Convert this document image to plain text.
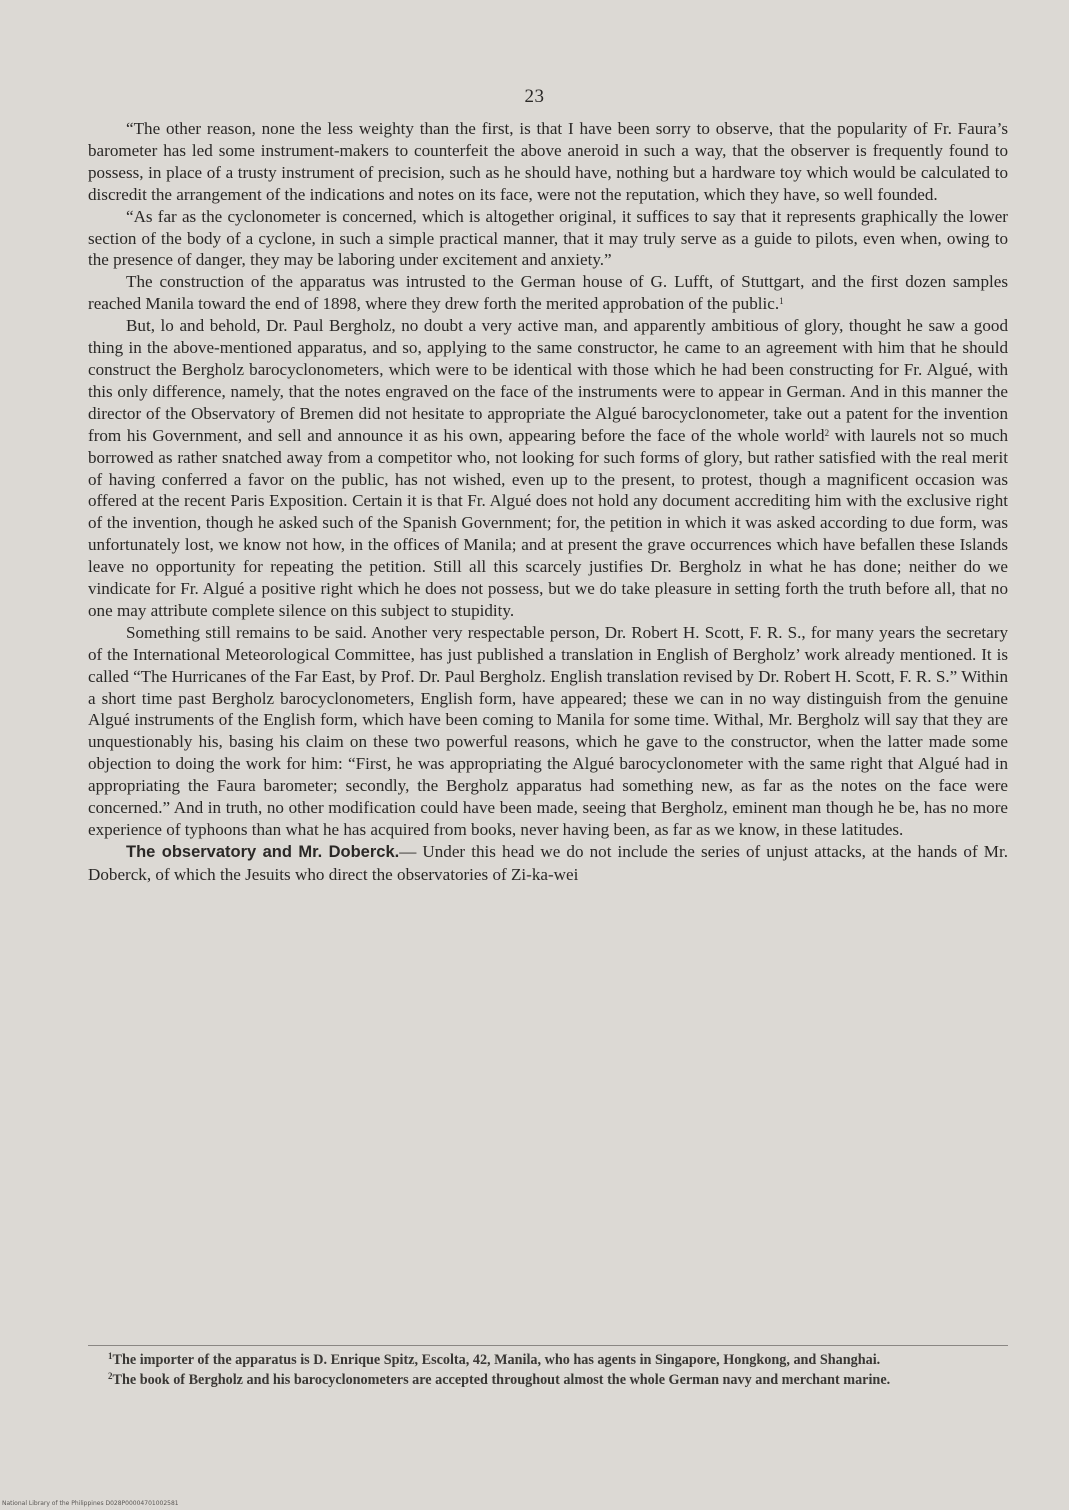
23

“The other reason, none the less weighty than the first, is that I have been sorry to observe, that the popularity of Fr. Faura’s barometer has led some instrument-makers to counterfeit the above aneroid in such a way, that the observer is frequently found to possess, in place of a trusty instrument of precision, such as he should have, nothing but a hardware toy which would be calculated to discredit the arrangement of the indications and notes on its face, were not the reputation, which they have, so well founded.

“As far as the cyclonometer is concerned, which is altogether original, it suffices to say that it represents graphically the lower section of the body of a cyclone, in such a simple practical manner, that it may truly serve as a guide to pilots, even when, owing to the presence of danger, they may be laboring under excitement and anxiety.”

The construction of the apparatus was intrusted to the German house of G. Lufft, of Stuttgart, and the first dozen samples reached Manila toward the end of 1898, where they drew forth the merited approbation of the public.$^1$

But, lo and behold, Dr. Paul Bergholz, no doubt a very active man, and apparently ambitious of glory, thought he saw a good thing in the above-mentioned apparatus, and so, applying to the same constructor, he came to an agreement with him that he should construct the Bergholz barocyclonometers, which were to be identical with those which he had been constructing for Fr. Algué, with this only difference, namely, that the notes engraved on the face of the instruments were to appear in German. And in this manner the director of the Observatory of Bremen did not hesitate to appropriate the Algué barocyclonometer, take out a patent for the invention from his Government, and sell and announce it as his own, appearing before the face of the whole world$^2$ with laurels not so much borrowed as rather snatched away from a competitor who, not looking for such forms of glory, but rather satisfied with the real merit of having conferred a favor on the public, has not wished, even up to the present, to protest, though a magnificent occasion was offered at the recent Paris Exposition. Certain it is that Fr. Algué does not hold any document accrediting him with the exclusive right of the invention, though he asked such of the Spanish Government; for, the petition in which it was asked according to due form, was unfortunately lost, we know not how, in the offices of Manila; and at present the grave occurrences which have befallen these Islands leave no opportunity for repeating the petition. Still all this scarcely justifies Dr. Bergholz in what he has done; neither do we vindicate for Fr. Algué a positive right which he does not possess, but we do take pleasure in setting forth the truth before all, that no one may attribute complete silence on this subject to stupidity.

Something still remains to be said. Another very respectable person, Dr. Robert H. Scott, F. R. S., for many years the secretary of the International Meteorological Committee, has just published a translation in English of Bergholz’ work already mentioned. It is called “The Hurricanes of the Far East, by Prof. Dr. Paul Bergholz. English translation revised by Dr. Robert H. Scott, F. R. S.” Within a short time past Bergholz barocyclonometers, English form, have appeared; these we can in no way distinguish from the genuine Algué instruments of the English form, which have been coming to Manila for some time. Withal, Mr. Bergholz will say that they are unquestionably his, basing his claim on these two powerful reasons, which he gave to the constructor, when the latter made some objection to doing the work for him: “First, he was appropriating the Algué barocyclonometer with the same right that Algué had in appropriating the Faura barometer; secondly, the Bergholz apparatus had something new, as far as the notes on the face were concerned.” And in truth, no other modification could have been made, seeing that Bergholz, eminent man though he be, has no more experience of typhoons than what he has acquired from books, never having been, as far as we know, in these latitudes.

The observatory and Mr. Doberck.— Under this head we do not include the series of unjust attacks, at the hands of Mr. Doberck, of which the Jesuits who direct the observatories of Zi-ka-wei

$^1$The importer of the apparatus is D. Enrique Spitz, Escolta, 42, Manila, who has agents in Singapore, Hongkong, and Shanghai.

$^2$The book of Bergholz and his barocyclonometers are accepted throughout almost the whole German navy and merchant marine.

National Library of the Philippines D028P00004701002581
